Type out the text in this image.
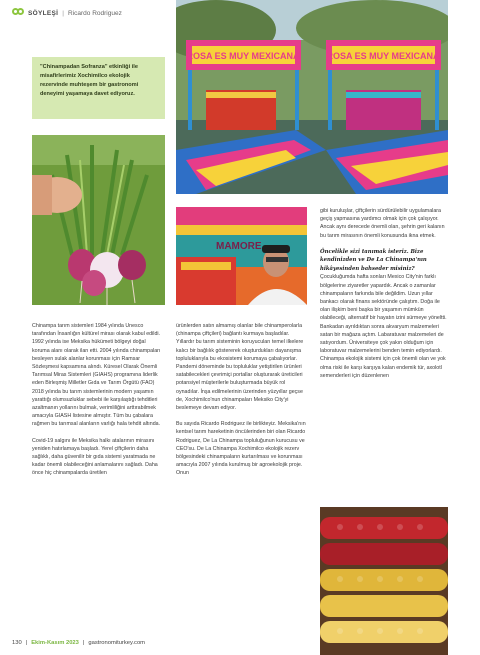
SÖYLEŞİ | Ricardo Rodriguez
"Chinampadan Sofranza" etkinliği ile misafirlerimiz Xochimilco ekolojik rezervinde muhteşem bir gastronomi deneyimi yaşamaya davet ediyoruz.
ROSA ES MUY MEXICANA	ROSA ES MUY MEXICANA
MAMORE

Chinampa tarım sistemleri 1984 yılında Unesco tarafından İnsanlığın kültürel mirası olarak kabul edildi. 1992 yılında ise Meksika hükümeti bölgeyi doğal koruma alanı olarak ilan etti. 2004 yılında chinampaları besleyen sulak alanlar korunması için Ramsar Sözleşmesi kapsamına alındı. Küresel Olarak Önemli Tarımsal Miras Sistemleri (GIAHS) programına liderlik eden Birleşmiş Milletler Gıda ve Tarım Örgütü (FAO) 2018 yılında bu tarım sistemlerinin modern yaşamın yarattığı olumsuzluklar sebebi ile karşılaştığı tehditleri azaltmanın yollarını bulmak, verimliliğini arttırabilmek amacıyla GIASH listesine almıştır. Tüm bu çabalara rağmen bu tarımsal alanların varlığı hala tehdit altında.

Covid-19 salgını ile Meksika halkı atalarının mirasını yeniden hatırlamaya başladı. Yerel çiftçilerin daha sağlıklı, daha güvenilir bir gıda sistemi yaratmada ne kadar önemli olabileceğini anlamalarını sağladı. Daha önce hiç chinampalarda üretilen

ürünlerden satın almamış olanlar bile chinamperolarla (chinampa çiftçileri) bağlantı kurmaya başladılar. Yıllardır bu tarım sisteminin koruyucuları temel ilkelere kalıcı bir bağlılık göstererek oluşturdukları dayanışma topluluklarıyla bu ekosistemi korumaya çabalıyorlar. Pandemi döneminde bu topluluklar yetiştirilen ürünleri satabilecekleri çevrimiçi portallar oluşturarak üreticileri potansiyel müşterilerle buluşturmada büyük rol oynadılar. İnşa edilmelerinin üzerinden yüzyıllar geçse de, Xochimilco'nun chinampaları Meksiko City'yi beslemeye devam ediyor.

Bu sayıda Ricardo Rodriguez ile birlikteyiz. Meksika'nın kentsel tarım hareketinin öncülerinden biri olan Ricardo Rodriguez, De La Chinampa topluluğunun kurucusu ve CEO'su. De La Chinampa Xochimilco ekolojik rezerv bölgesindeki chinampaların kurtarılması ve korunması amacıyla 2007 yılında kurulmuş bir agroekolojik proje. Onun

gibi kuruluşlar, çiftçilerin sürdürülebilir uygulamalara geçiş yapmasına yardımcı olmak için çok çalışıyor. Ancak aynı derecede önemli olan, şehrin geri kalanın bu tarım mirasının önemli konusunda ikna etmek.

Öncelikle sizi tanımak isteriz. Bize kendinizden ve De La Chinampa'nın hikâyesinden bahseder misiniz?

Çocukluğumda hafta sonları Mexico City'nin farklı bölgelerine ziyaretler yapardık. Ancak o zamanlar chinampaların farkında bile değildim. Uzun yıllar bankacı olarak finans sektöründe çalıştım. Doğa ile olan ilişkim beni başka bir yaşamın mümkün olabileceği, alternatif bir hayatın izini sürmeye yöneltti. Bankadan ayrıldıktan sonra akvaryum malzemeleri satan bir mağaza açtım. Labaratuvar malzemeleri de satıyordum. Üniversiteye çok yakın olduğum için laboratuvar malzemelerini benden temin ediyorlardı. Chinampa ekolojik sistemi için çok önemli olan ve yok olma riski ile karşı karşıya kalan endemik tür, axolotl semenderleri için düzenlenen

130 | Ekim-Kasım 2023 | gastronomiturkey.com
